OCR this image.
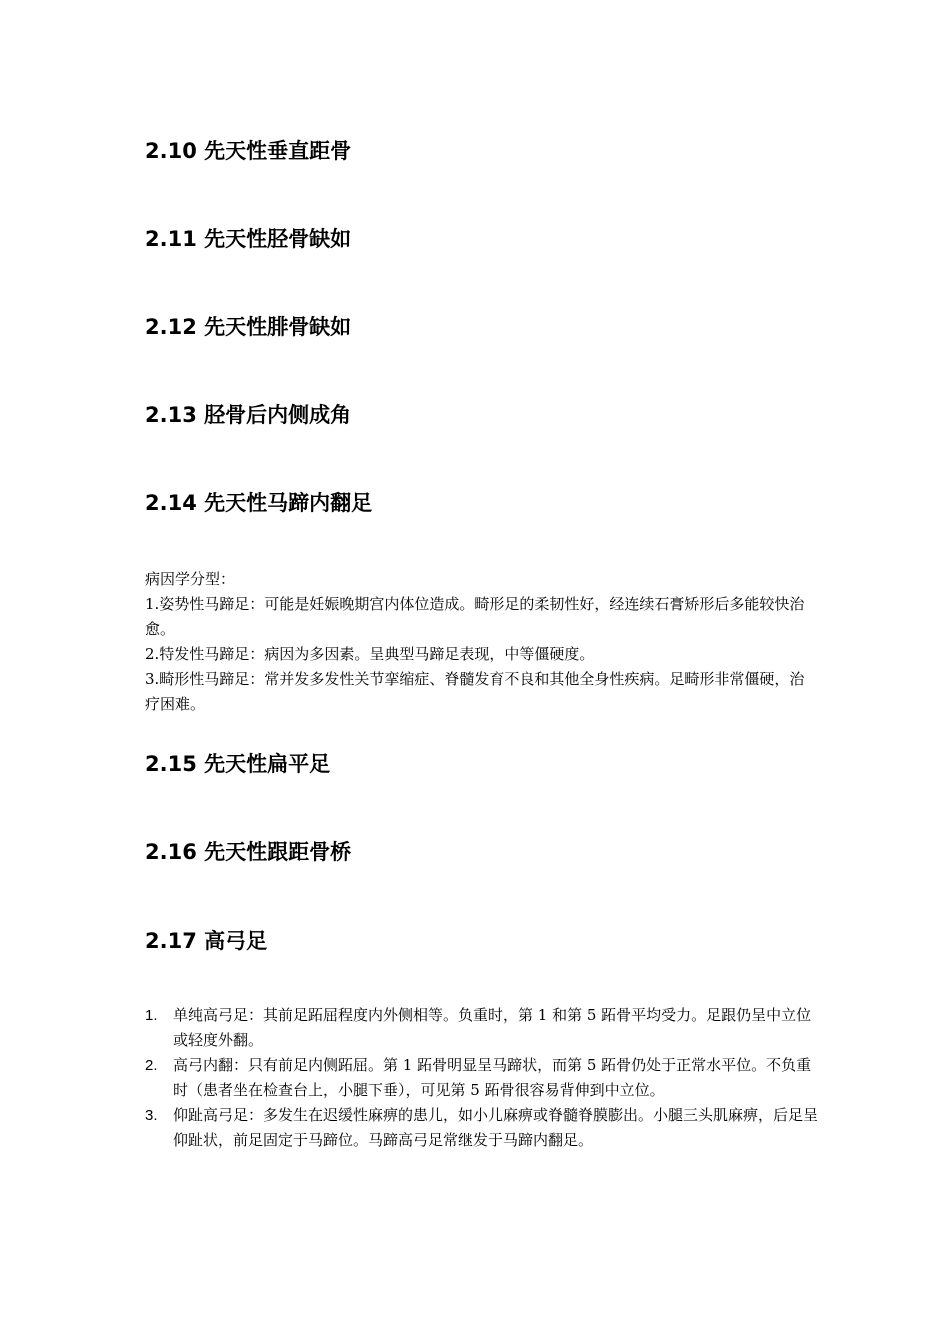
2.10 先天性垂直距骨
2.11 先天性胫骨缺如
2.12 先天性腓骨缺如
2.13 胫骨后内侧成角
2.14 先天性马蹄内翻足

病因学分型：

1.姿势性马蹄足：可能是妊娠晚期宫内体位造成。畸形足的柔韧性好，经连续石膏矫形后多能较快治愈。

2.特发性马蹄足：病因为多因素。呈典型马蹄足表现，中等僵硬度。

3.畸形性马蹄足：常并发多发性关节挛缩症、脊髓发育不良和其他全身性疾病。足畸形非常僵硬，治疗困难。

2.15 先天性扁平足
2.16 先天性跟距骨桥
2.17 高弓足
1. 单纯高弓足：其前足跖屈程度内外侧相等。负重时，第 1 和第 5 跖骨平均受力。足跟仍呈中立位或轻度外翻。
2. 高弓内翻：只有前足内侧跖屈。第 1 跖骨明显呈马蹄状，而第 5 跖骨仍处于正常水平位。不负重时（患者坐在检查台上，小腿下垂），可见第 5 跖骨很容易背伸到中立位。
3. 仰趾高弓足：多发生在迟缓性麻痹的患儿，如小儿麻痹或脊髓脊膜膨出。小腿三头肌麻痹，后足呈仰趾状，前足固定于马蹄位。马蹄高弓足常继发于马蹄内翻足。
